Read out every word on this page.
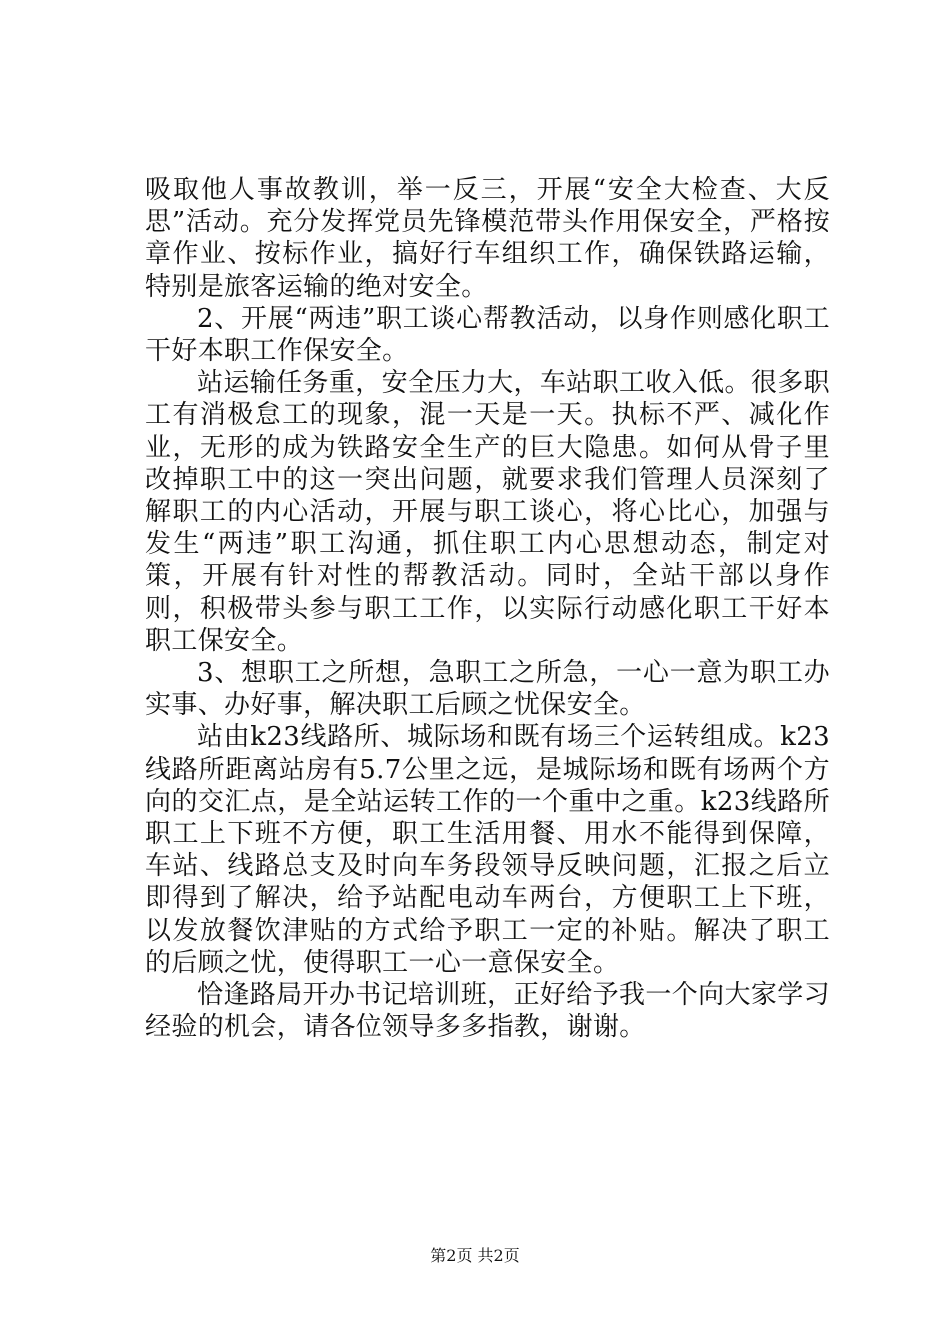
吸取他人事故教训，举一反三，开展“安全大检查、大反思”活动。充分发挥党员先锋模范带头作用保安全，严格按章作业、按标作业，搞好行车组织工作，确保铁路运输，特别是旅客运输的绝对安全。

2、开展“两违”职工谈心帮教活动，以身作则感化职工干好本职工作保安全。

站运输任务重，安全压力大，车站职工收入低。很多职工有消极怠工的现象，混一天是一天。执标不严、减化作业，无形的成为铁路安全生产的巨大隐患。如何从骨子里改掉职工中的这一突出问题，就要求我们管理人员深刻了解职工的内心活动，开展与职工谈心，将心比心，加强与发生“两违”职工沟通，抓住职工内心思想动态，制定对策，开展有针对性的帮教活动。同时，全站干部以身作则，积极带头参与职工工作，以实际行动感化职工干好本职工保安全。

3、想职工之所想，急职工之所急，一心一意为职工办实事、办好事，解决职工后顾之忧保安全。

站由k23线路所、城际场和既有场三个运转组成。k23线路所距离站房有5.7公里之远，是城际场和既有场两个方向的交汇点，是全站运转工作的一个重中之重。k23线路所职工上下班不方便，职工生活用餐、用水不能得到保障，车站、线路总支及时向车务段领导反映问题，汇报之后立即得到了解决，给予站配电动车两台，方便职工上下班，以发放餐饮津贴的方式给予职工一定的补贴。解决了职工的后顾之忧，使得职工一心一意保安全。

恰逢路局开办书记培训班，正好给予我一个向大家学习经验的机会，请各位领导多多指教，谢谢。

第2页 共2页
